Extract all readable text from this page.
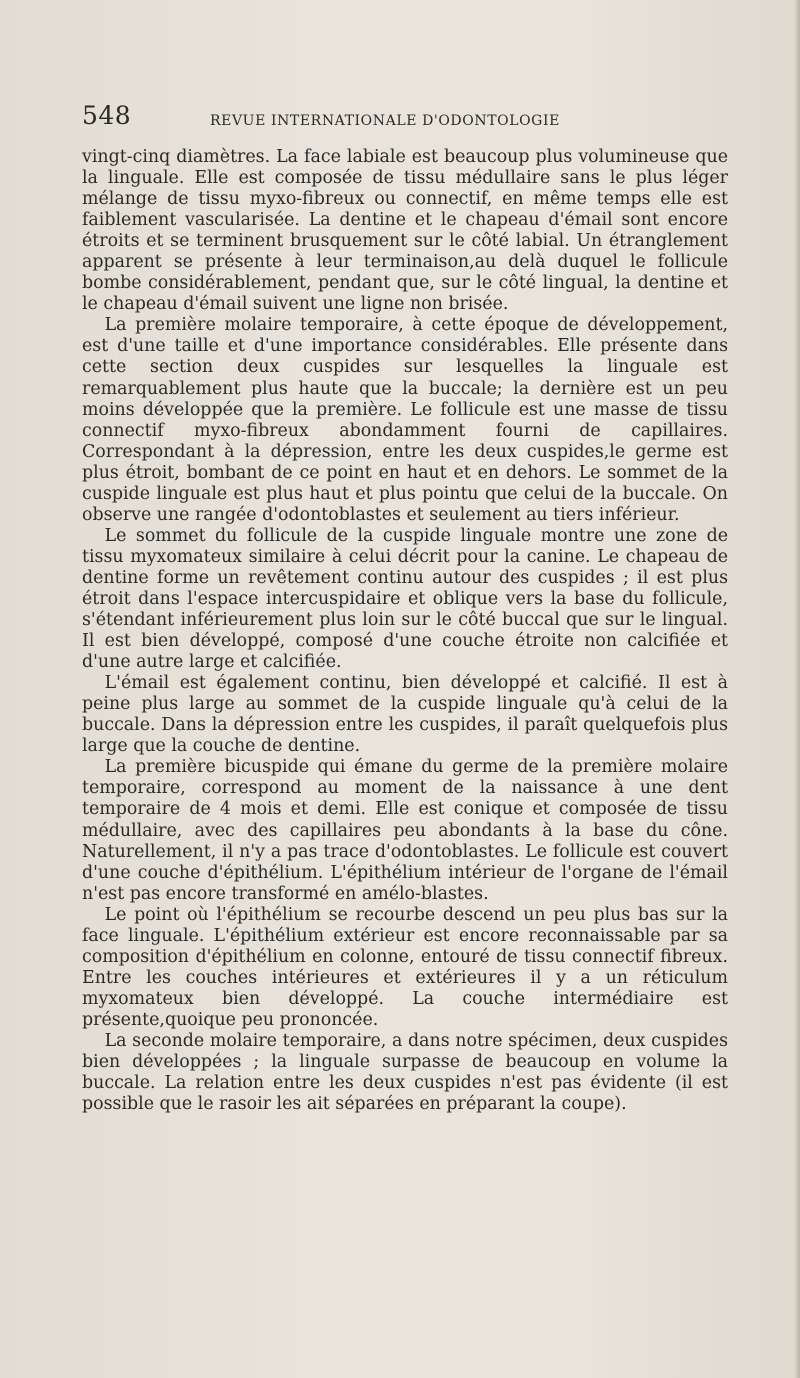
548	REVUE INTERNATIONALE D'ODONTOLOGIE

vingt-cinq diamètres. La face labiale est beaucoup plus volumineuse que la linguale. Elle est composée de tissu médullaire sans le plus léger mélange de tissu myxo-fibreux ou connectif, en même temps elle est faiblement vascularisée. La dentine et le chapeau d'émail sont encore étroits et se terminent brusquement sur le côté labial. Un étranglement apparent se présente à leur terminaison,au delà duquel le follicule bombe considérablement, pendant que, sur le côté lingual, la dentine et le chapeau d'émail suivent une ligne non brisée.

La première molaire temporaire, à cette époque de développement, est d'une taille et d'une importance considérables. Elle présente dans cette section deux cuspides sur lesquelles la linguale est remarquablement plus haute que la buccale; la dernière est un peu moins développée que la première. Le follicule est une masse de tissu connectif myxo-fibreux abondamment fourni de capillaires. Correspondant à la dépression, entre les deux cuspides,le germe est plus étroit, bombant de ce point en haut et en dehors. Le sommet de la cuspide linguale est plus haut et plus pointu que celui de la buccale. On observe une rangée d'odontoblastes et seulement au tiers inférieur.

Le sommet du follicule de la cuspide linguale montre une zone de tissu myxomateux similaire à celui décrit pour la canine. Le chapeau de dentine forme un revêtement continu autour des cuspides ; il est plus étroit dans l'espace intercuspidaire et oblique vers la base du follicule, s'étendant inférieurement plus loin sur le côté buccal que sur le lingual. Il est bien développé, composé d'une couche étroite non calcifiée et d'une autre large et calcifiée.

L'émail est également continu, bien développé et calcifié. Il est à peine plus large au sommet de la cuspide linguale qu'à celui de la buccale. Dans la dépression entre les cuspides, il paraît quelquefois plus large que la couche de dentine.

La première bicuspide qui émane du germe de la première molaire temporaire, correspond au moment de la naissance à une dent temporaire de 4 mois et demi. Elle est conique et composée de tissu médullaire, avec des capillaires peu abondants à la base du cône. Naturellement, il n'y a pas trace d'odontoblastes. Le follicule est couvert d'une couche d'épithélium. L'épithélium intérieur de l'organe de l'émail n'est pas encore transformé en amélo-blastes.

Le point où l'épithélium se recourbe descend un peu plus bas sur la face linguale. L'épithélium extérieur est encore reconnaissable par sa composition d'épithélium en colonne, entouré de tissu connectif fibreux. Entre les couches intérieures et extérieures il y a un réticulum myxomateux bien développé. La couche intermédiaire est présente,quoique peu prononcée.

La seconde molaire temporaire, a dans notre spécimen, deux cuspides bien développées ; la linguale surpasse de beaucoup en volume la buccale. La relation entre les deux cuspides n'est pas évidente (il est possible que le rasoir les ait séparées en préparant la coupe).
